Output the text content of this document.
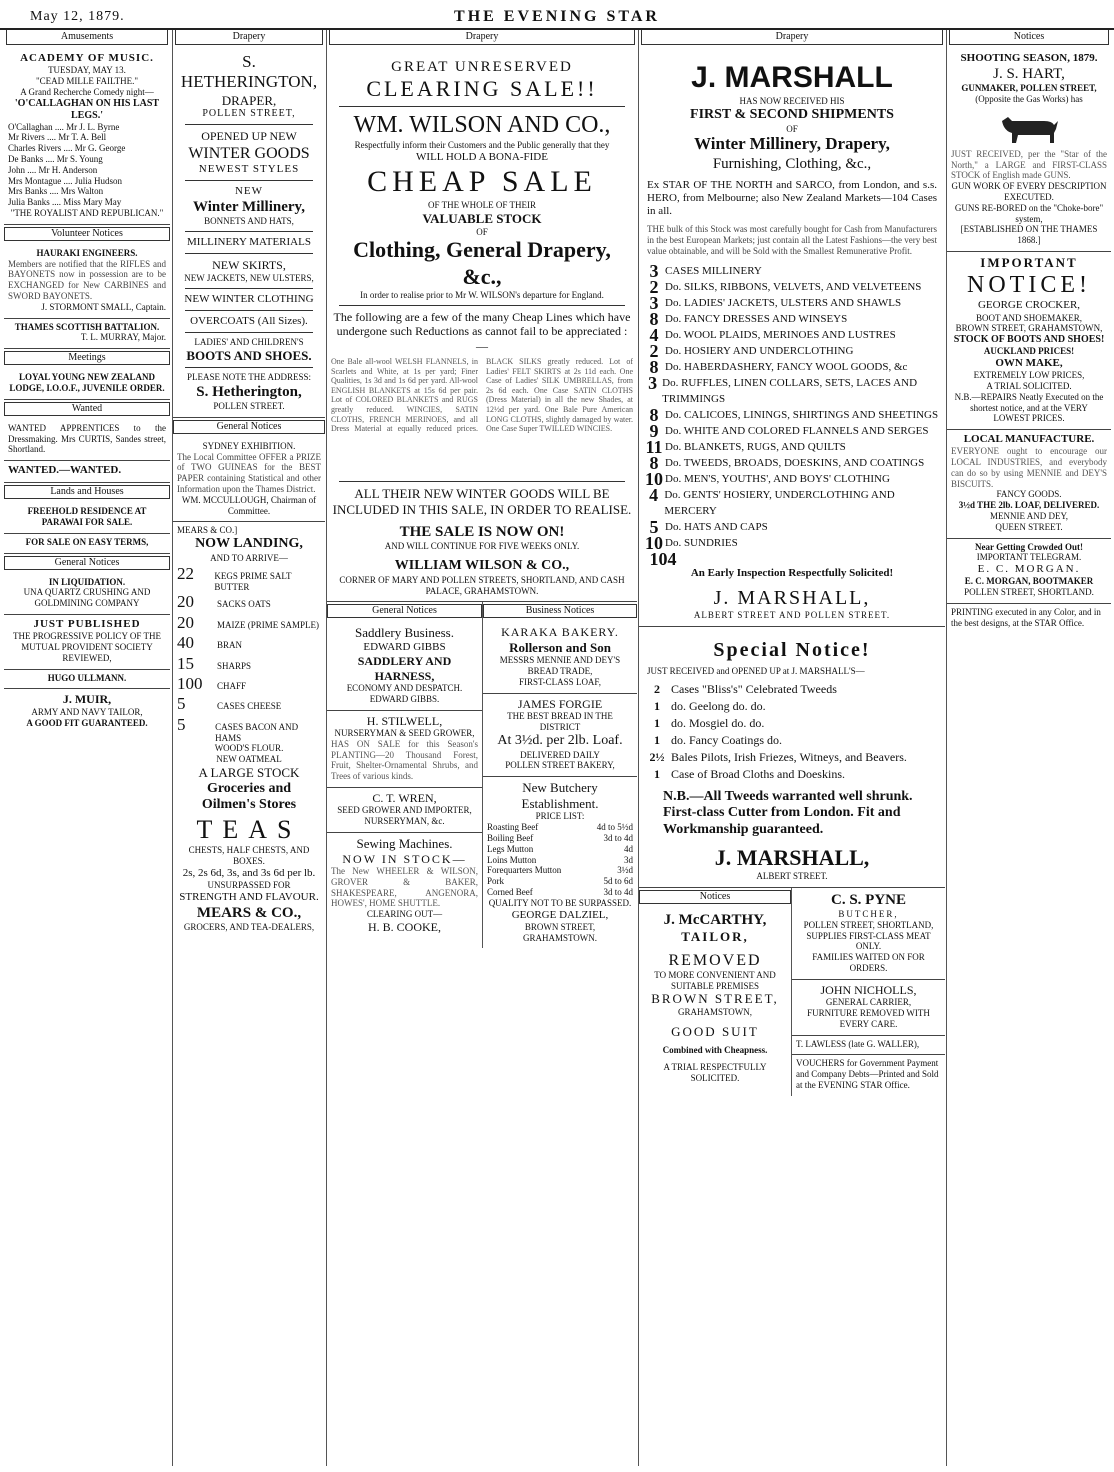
May 12, 1879.	THE EVENING STAR
Amusements
ACADEMY OF MUSIC.
TUESDAY, MAY 13.
"CEAD MILLE FAILTHE."
A Grand Recherche Comedy night—
'O'CALLAGHAN ON HIS LAST LEGS.'
O'Callaghan .... Mr J. L. Byrne
Mr Rivers .... Mr T. A. Bell
Charles Rivers .... Mr G. George
De Banks .... Mr S. Young
John .... Mr H. Anderson
Mrs Montague .... Julia Hudson
Mrs Banks .... Mrs Walton
Julia Banks .... Miss Mary May
"THE ROYALIST AND REPUBLICAN."
Volunteer Notices
HAURAKI ENGINEERS.
Members are notified that the RIFLES and BAYONETS now in possession are to be EXCHANGED for New CARBINES and SWORD BAYONETS.
J. STORMONT SMALL, Captain.
THAMES SCOTTISH BATTALION.
T. L. MURRAY, Major.
Meetings
LOYAL YOUNG NEW ZEALAND LODGE, I.O.O.F., JUVENILE ORDER.
Wanted
WANTED APPRENTICES to the Dressmaking. Mrs CURTIS, Sandes street, Shortland.
WANTED.—WANTED.
Lands and Houses
FREEHOLD RESIDENCE AT PARAWAI FOR SALE.
FOR SALE ON EASY TERMS,
General Notices
IN LIQUIDATION.
UNA QUARTZ CRUSHING AND GOLDMINING COMPANY
JUST PUBLISHED
THE PROGRESSIVE POLICY OF THE MUTUAL PROVIDENT SOCIETY REVIEWED,
HUGO ULLMANN.
J. MUIR,
ARMY AND NAVY TAILOR,
A GOOD FIT GUARANTEED.
Drapery
S. HETHERINGTON,
DRAPER,
POLLEN STREET,
OPENED UP NEW
WINTER GOODS
NEWEST STYLES
NEW
Winter Millinery,
BONNETS AND HATS,
MILLINERY MATERIALS
NEW SKIRTS,
NEW JACKETS, NEW ULSTERS,
NEW WINTER CLOTHING
OVERCOATS (All Sizes).
LADIES' AND CHILDREN'S
BOOTS AND SHOES.
PLEASE NOTE THE ADDRESS:
S. Hetherington,
POLLEN STREET.
General Notices
SYDNEY EXHIBITION.
The Local Committee OFFER a PRIZE of TWO GUINEAS for the BEST PAPER containing Statistical and other Information upon the Thames District.
WM. MCCULLOUGH, Chairman of Committee.
MEARS & CO.]
NOW LANDING,
AND TO ARRIVE—
22	KEGS PRIME SALT BUTTER
20	SACKS OATS
20	MAIZE (PRIME SAMPLE)
40	BRAN
15	SHARPS
100	CHAFF
5	CASES CHEESE
5	CASES BACON AND HAMS
WOOD'S FLOUR.
NEW OATMEAL
A LARGE STOCK
Groceries and
Oilmen's Stores
TEAS
CHESTS, HALF CHESTS, AND BOXES.
2s, 2s 6d, 3s, and 3s 6d per lb.
UNSURPASSED FOR
STRENGTH AND FLAVOUR.
MEARS & CO.,
GROCERS, AND TEA-DEALERS,
Drapery
GREAT UNRESERVED
CLEARING SALE!!
WM. WILSON AND CO.,
Respectfully inform their Customers and the Public generally that they
WILL HOLD A BONA-FIDE
CHEAP SALE
OF THE WHOLE OF THEIR
VALUABLE STOCK
OF
Clothing, General Drapery, &c.,
In order to realise prior to Mr W. WILSON's departure for England.
The following are a few of the many Cheap Lines which have undergone such Reductions as cannot fail to be appreciated :—
One Bale all-wool WELSH FLANNELS, in Scarlets and White, at 1s per yard; Finer Qualities, 1s 3d and 1s 6d per yard. All-wool ENGLISH BLANKETS at 15s 6d per pair. Lot of COLORED BLANKETS and RUGS greatly reduced. WINCIES, SATIN CLOTHS, FRENCH MERINOES, and all Dress Material at equally reduced prices. BLACK SILKS greatly reduced. Lot of Ladies' FELT SKIRTS at 2s 11d each. One Case of Ladies' SILK UMBRELLAS, from 2s 6d each. One Case SATIN CLOTHS (Dress Material) in all the new Shades, at 12½d per yard. One Bale Pure American LONG CLOTHS, slightly damaged by water. One Case Super TWILLED WINCIES.
ALL THEIR NEW WINTER GOODS WILL BE INCLUDED IN THIS SALE, IN ORDER TO REALISE.
THE SALE IS NOW ON!
AND WILL CONTINUE FOR FIVE WEEKS ONLY.
WILLIAM WILSON & CO.,
CORNER OF MARY AND POLLEN STREETS, SHORTLAND, AND CASH PALACE, GRAHAMSTOWN.
General Notices
Saddlery Business.
EDWARD GIBBS
SADDLERY AND HARNESS,
ECONOMY AND DESPATCH.
EDWARD GIBBS.
H. STILWELL,
NURSERYMAN & SEED GROWER,
HAS ON SALE for this Season's PLANTING—20 Thousand Forest, Fruit, Shelter-Ornamental Shrubs, and Trees of various kinds.
C. T. WREN,
SEED GROWER AND IMPORTER, NURSERYMAN, &c.
Sewing Machines.
NOW IN STOCK—
The New WHEELER & WILSON, GROVER & BAKER, SHAKESPEARE, ANGENORA, HOWES', HOME SHUTTLE.
CLEARING OUT—
H. B. COOKE,
Business Notices
KARAKA BAKERY.
Rollerson and Son
MESSRS MENNIE AND DEY'S BREAD TRADE,
FIRST-CLASS LOAF,
JAMES FORGIE
THE BEST BREAD IN THE DISTRICT
At 3½d. per 2lb. Loaf.
DELIVERED DAILY
POLLEN STREET BAKERY,
New Butchery Establishment.
PRICE LIST:
Roasting Beef	4d to 5½d
Boiling Beef	3d to 4d
Legs Mutton	4d
Loins Mutton	3d
Forequarters Mutton	3½d
Pork	5d to 6d
Corned Beef	3d to 4d
QUALITY NOT TO BE SURPASSED.
GEORGE DALZIEL,
BROWN STREET, GRAHAMSTOWN.
Drapery
J. MARSHALL
HAS NOW RECEIVED HIS
FIRST & SECOND SHIPMENTS
OF
Winter Millinery, Drapery,
Furnishing, Clothing, &c.,
Ex STAR OF THE NORTH and SARCO, from London, and s.s. HERO, from Melbourne; also New Zealand Markets—104 Cases in all.
THE bulk of this Stock was most carefully bought for Cash from Manufacturers in the best European Markets; just contain all the Latest Fashions—the very best value obtainable, and will be Sold with the Smallest Remunerative Profit.
3 CASES MILLINERY
2 Do. SILKS, RIBBONS, VELVETS, AND VELVETEENS
3 Do. LADIES' JACKETS, ULSTERS AND SHAWLS
8 Do. FANCY DRESSES AND WINSEYS
4 Do. WOOL PLAIDS, MERINOES AND LUSTRES
2 Do. HOSIERY AND UNDERCLOTHING
8 Do. HABERDASHERY, FANCY WOOL GOODS, &c
3 Do. RUFFLES, LINEN COLLARS, SETS, LACES AND TRIMMINGS
8 Do. CALICOES, LININGS, SHIRTINGS AND SHEETINGS
9 Do. WHITE AND COLORED FLANNELS AND SERGES
11 Do. BLANKETS, RUGS, AND QUILTS
8 Do. TWEEDS, BROADS, DOESKINS, AND COATINGS
10 Do. MEN'S, YOUTHS', AND BOYS' CLOTHING
4 Do. GENTS' HOSIERY, UNDERCLOTHING AND MERCERY
5 Do. HATS AND CAPS
10 Do. SUNDRIES
104
An Early Inspection Respectfully Solicited!
J. MARSHALL,
ALBERT STREET AND POLLEN STREET.
Special Notice!
JUST RECEIVED and OPENED UP at J. MARSHALL'S—
2 Cases "Bliss's" Celebrated Tweeds
1 do. Geelong do. do.
1 do. Mosgiel do. do.
1 do. Fancy Coatings do.
2½ Bales Pilots, Irish Friezes, Witneys, and Beavers.
1 Case of Broad Cloths and Doeskins.
N.B.—All Tweeds warranted well shrunk. First-class Cutter from London. Fit and Workmanship guaranteed.
J. MARSHALL,
ALBERT STREET.
Notices
J. McCARTHY,
TAILOR,
REMOVED
TO MORE CONVENIENT AND SUITABLE PREMISES
BROWN STREET,
GRAHAMSTOWN,
GOOD SUIT
Combined with Cheapness.
A TRIAL RESPECTFULLY SOLICITED.
C. S. PYNE
BUTCHER,
POLLEN STREET, SHORTLAND,
SUPPLIES FIRST-CLASS MEAT ONLY.
FAMILIES WAITED ON FOR ORDERS.
JOHN NICHOLLS,
GENERAL CARRIER,
FURNITURE REMOVED WITH EVERY CARE.
T. LAWLESS (late G. WALLER),
VOUCHERS for Government Payment and Company Debts—Printed and Sold at the EVENING STAR Office.
Notices
SHOOTING SEASON, 1879.
J. S. HART,
GUNMAKER, POLLEN STREET,
(Opposite the Gas Works) has
JUST RECEIVED, per the "Star of the North," a LARGE and FIRST-CLASS STOCK of English made GUNS.
GUN WORK OF EVERY DESCRIPTION EXECUTED.
GUNS RE-BORED on the "Choke-bore" system,
[ESTABLISHED ON THE THAMES 1868.]
IMPORTANT
NOTICE!
GEORGE CROCKER,
BOOT AND SHOEMAKER,
BROWN STREET, GRAHAMSTOWN,
STOCK OF BOOTS AND SHOES!
AUCKLAND PRICES!
OWN MAKE,
EXTREMELY LOW PRICES,
A TRIAL SOLICITED.
N.B.—REPAIRS Neatly Executed on the shortest notice, and at the VERY LOWEST PRICES.
LOCAL MANUFACTURE.
EVERYONE ought to encourage our LOCAL INDUSTRIES, and everybody can do so by using MENNIE and DEY'S BISCUITS.
FANCY GOODS.
3½d THE 2lb. LOAF, DELIVERED.
MENNIE AND DEY,
QUEEN STREET.
Near Getting Crowded Out!
IMPORTANT TELEGRAM.
E. C. MORGAN.
E. C. MORGAN, BOOTMAKER
POLLEN STREET, SHORTLAND.
PRINTING executed in any Color, and in the best designs, at the STAR Office.
